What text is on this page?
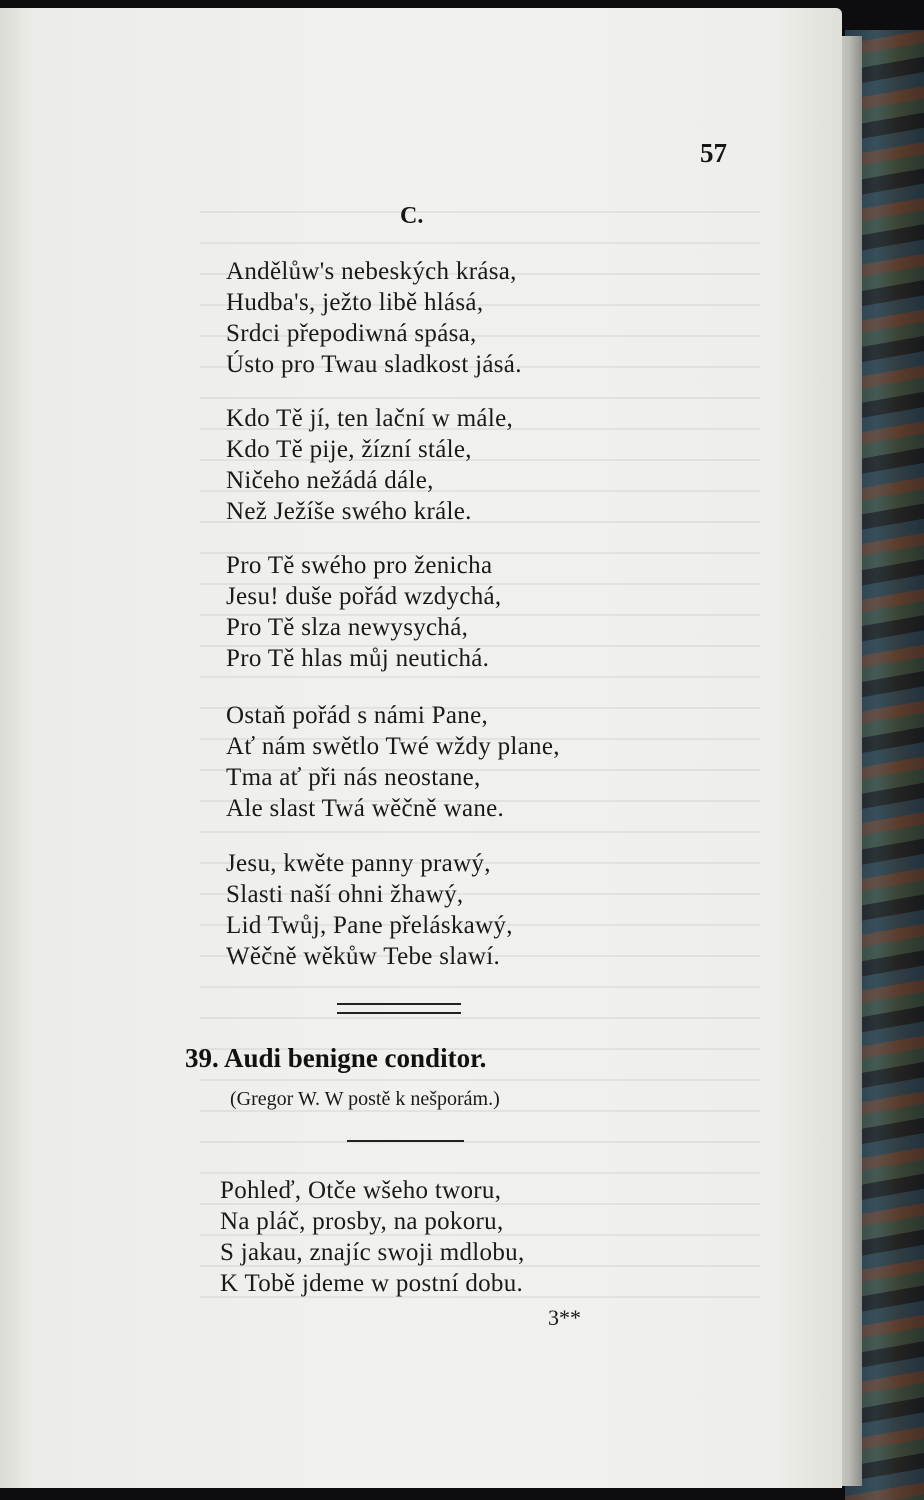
57
C.
Andělůw's nebeských krása,
Hudba's, ježto libě hlásá,
Srdci přepodiwná spása,
Ústo pro Twau sladkost jásá.
Kdo Tě jí, ten lační w mále,
Kdo Tě pije, žízní stále,
Ničeho nežádá dále,
Než Ježíše swého krále.
Pro Tě swého pro ženicha
Jesu! duše pořád wzdychá,
Pro Tě slza newysychá,
Pro Tě hlas můj neutichá.
Ostaň pořád s námi Pane,
Ať nám swětlo Twé wždy plane,
Tma ať při nás neostane,
Ale slast Twá wěčně wane.
Jesu, kwěte panny prawý,
Slasti naší ohni žhawý,
Lid Twůj, Pane přeláskawý,
Wěčně wěkůw Tebe slawí.
39. Audi benigne conditor.
(Gregor W. W postě k nešporám.)
Pohleď, Otče wšeho tworu,
Na pláč, prosby, na pokoru,
S jakau, znajíc swoji mdlobu,
K Tobě jdeme w postní dobu.
3**
